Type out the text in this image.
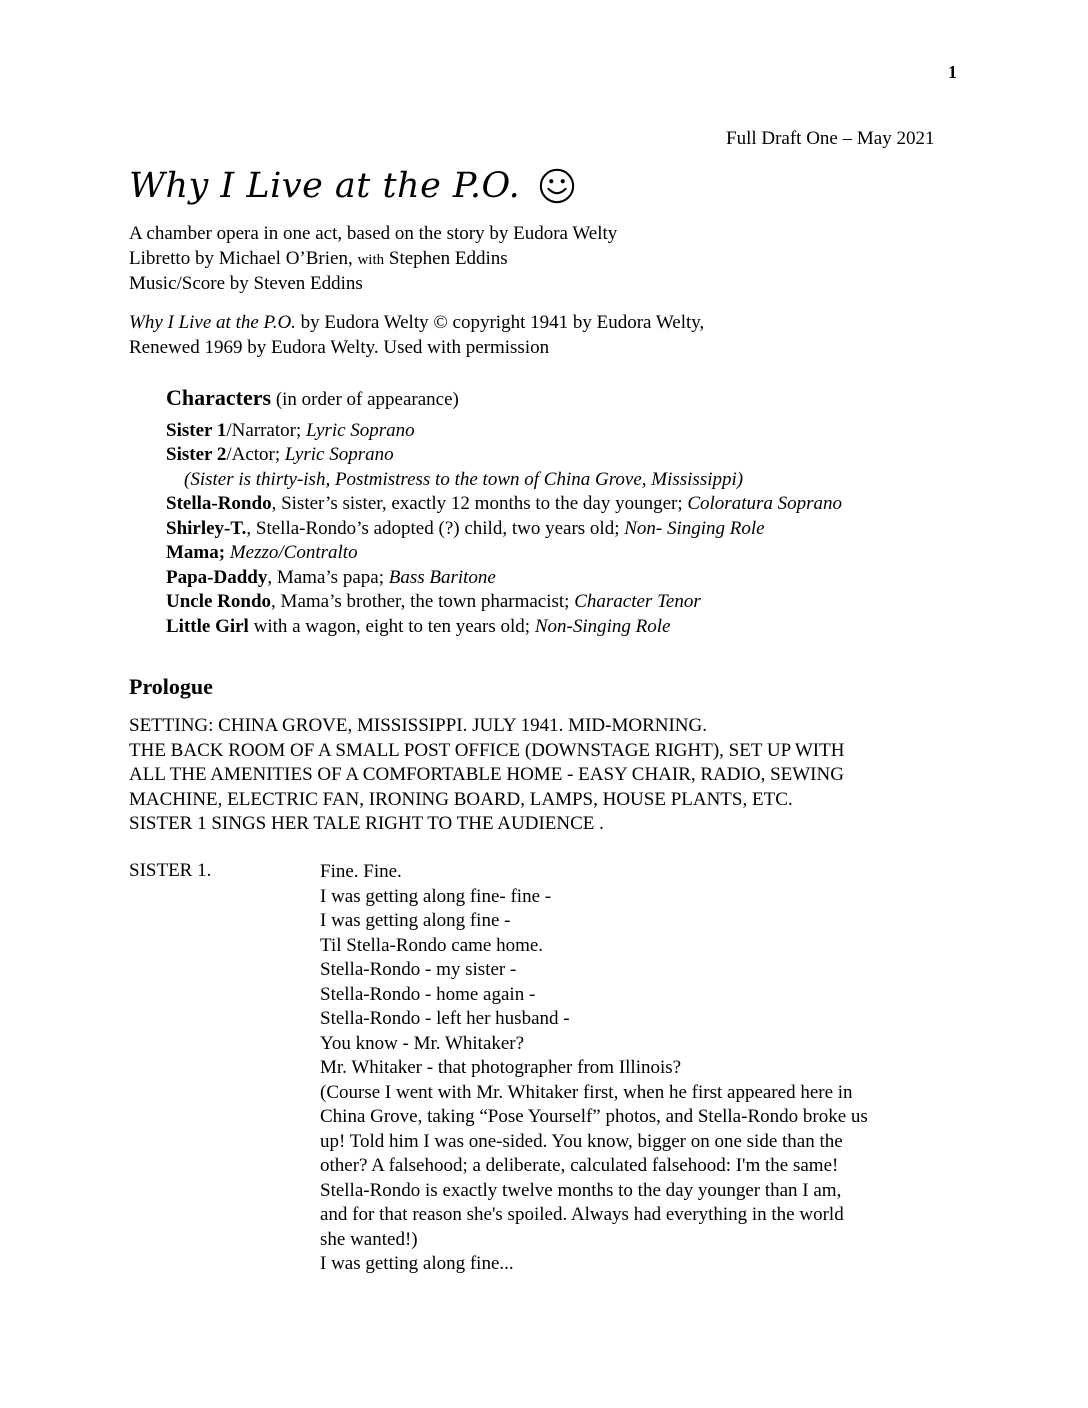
1
Full Draft One – May 2021
Why I Live at the P.O.
A chamber opera in one act, based on the story by Eudora Welty
Libretto by Michael O’Brien, with Stephen Eddins
Music/Score by Steven Eddins
Why I Live at the P.O. by Eudora Welty © copyright 1941 by Eudora Welty,
Renewed 1969 by Eudora Welty. Used with permission
Characters (in order of appearance)
Sister 1/Narrator; Lyric Soprano
Sister 2/Actor; Lyric Soprano
(Sister is thirty-ish, Postmistress to the town of China Grove, Mississippi)
Stella-Rondo, Sister’s sister, exactly 12 months to the day younger; Coloratura Soprano
Shirley-T., Stella-Rondo’s adopted (?) child, two years old; Non- Singing Role
Mama; Mezzo/Contralto
Papa-Daddy, Mama’s papa; Bass Baritone
Uncle Rondo, Mama’s brother, the town pharmacist; Character Tenor
Little Girl with a wagon, eight to ten years old; Non-Singing Role
Prologue
SETTING: CHINA GROVE, MISSISSIPPI. JULY 1941. MID-MORNING.
THE BACK ROOM OF A SMALL POST OFFICE (DOWNSTAGE RIGHT), SET UP WITH
ALL THE AMENITIES OF A COMFORTABLE HOME - EASY CHAIR, RADIO, SEWING
MACHINE, ELECTRIC FAN, IRONING BOARD, LAMPS, HOUSE PLANTS, ETC.
SISTER 1 SINGS HER TALE RIGHT TO THE AUDIENCE .
SISTER 1.	Fine. Fine.
I was getting along fine- fine -
I was getting along fine -
Til Stella-Rondo came home.
Stella-Rondo - my sister -
Stella-Rondo - home again -
Stella-Rondo - left her husband -
You know - Mr. Whitaker?
Mr. Whitaker - that photographer from Illinois?
(Course I went with Mr. Whitaker first, when he first appeared here in
China Grove, taking “Pose Yourself” photos, and Stella-Rondo broke us
up! Told him I was one-sided. You know, bigger on one side than the
other? A falsehood; a deliberate, calculated falsehood: I'm the same!
Stella-Rondo is exactly twelve months to the day younger than I am,
and for that reason she's spoiled. Always had everything in the world
she wanted!)
I was getting along fine...
